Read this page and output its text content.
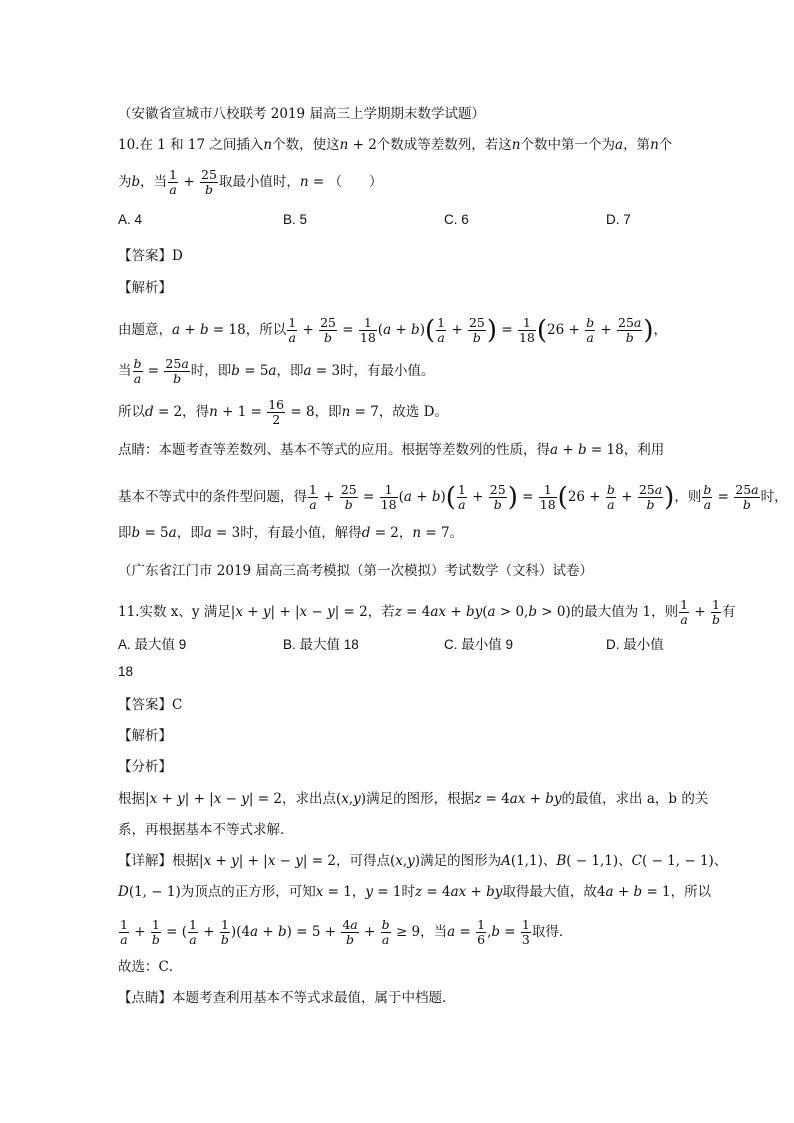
（安徽省宣城市八校联考 2019 届高三上学期期末数学试题）
10.在 1 和 17 之间插入n个数，使这n + 2个数成等差数列，若这n个数中第一个为a，第n个
为b，当 $\frac{1}{a} + \frac{25}{b}$ 取最小值时，n = （　　）
A. 4	B. 5	C. 6	D. 7
【答案】D
【解析】
由题意，a + b = 18，所以 $\frac{1}{a} + \frac{25}{b} = \frac{1}{18} (a + b)( \frac{1}{a} + \frac{25}{b}$ ) = $\frac{1}{18} (26 + \frac{b}{a} + \frac{25a}{b}$ )，
当 $\frac{b}{a} = \frac{25a}{b}$ 时，即b = 5a，即a = 3时，有最小值。
所以d = 2，得$n + 1 = \frac{16}{2} = 8$，即n = 7，故选 D。
点睛：本题考查等差数列、基本不等式的应用。根据等差数列的性质，得a + b = 18，利用
基本不等式中的条件型问题，得 $\frac{1}{a} + \frac{25}{b} = \frac{1}{18} (a + b)( \frac{1}{a} + \frac{25}{b}$ ) = $\frac{1}{18} (26 + \frac{b}{a} + \frac{25a}{b}$ )，则 $\frac{b}{a} = \frac{25a}{b}$ 时，
即b = 5a，即a = 3时，有最小值，解得d = 2，n = 7。
（广东省江门市 2019 届高三高考模拟（第一次模拟）考试数学（文科）试卷）
11.实数 x、y 满足|x + y| + |x − y| = 2，若z = 4ax + by(a > 0,b > 0)的最大值为 1，则 $\frac{1}{a} + \frac{1}{b}$ 有
A. 最大值 9	B. 最大值 18	C. 最小值 9	D. 最小值
18
【答案】C
【解析】
【分析】
根据|x + y| + |x − y| = 2，求出点(x,y)满足的图形，根据z = 4ax + by的最值，求出 a，b 的关
系，再根据基本不等式求解．
【详解】根据|x + y| + |x − y| = 2，可得点(x,y)满足的图形为A(1,1)、B( − 1,1)、C( − 1, − 1)、
D(1, − 1)为顶点的正方形，可知x = 1，y = 1时z = 4ax + by取得最大值，故4a + b = 1，所以
$\frac{1}{a} + \frac{1}{b}$ = ( $\frac{1}{a} + \frac{1}{b} )(4a + b) = 5 + \frac{4a}{b} + \frac{b}{a} \ge 9$，当$a = \frac{1}{6} ,b = \frac{1}{3}$ 取得．
故选：C．
【点睛】本题考查利用基本不等式求最值，属于中档题．
